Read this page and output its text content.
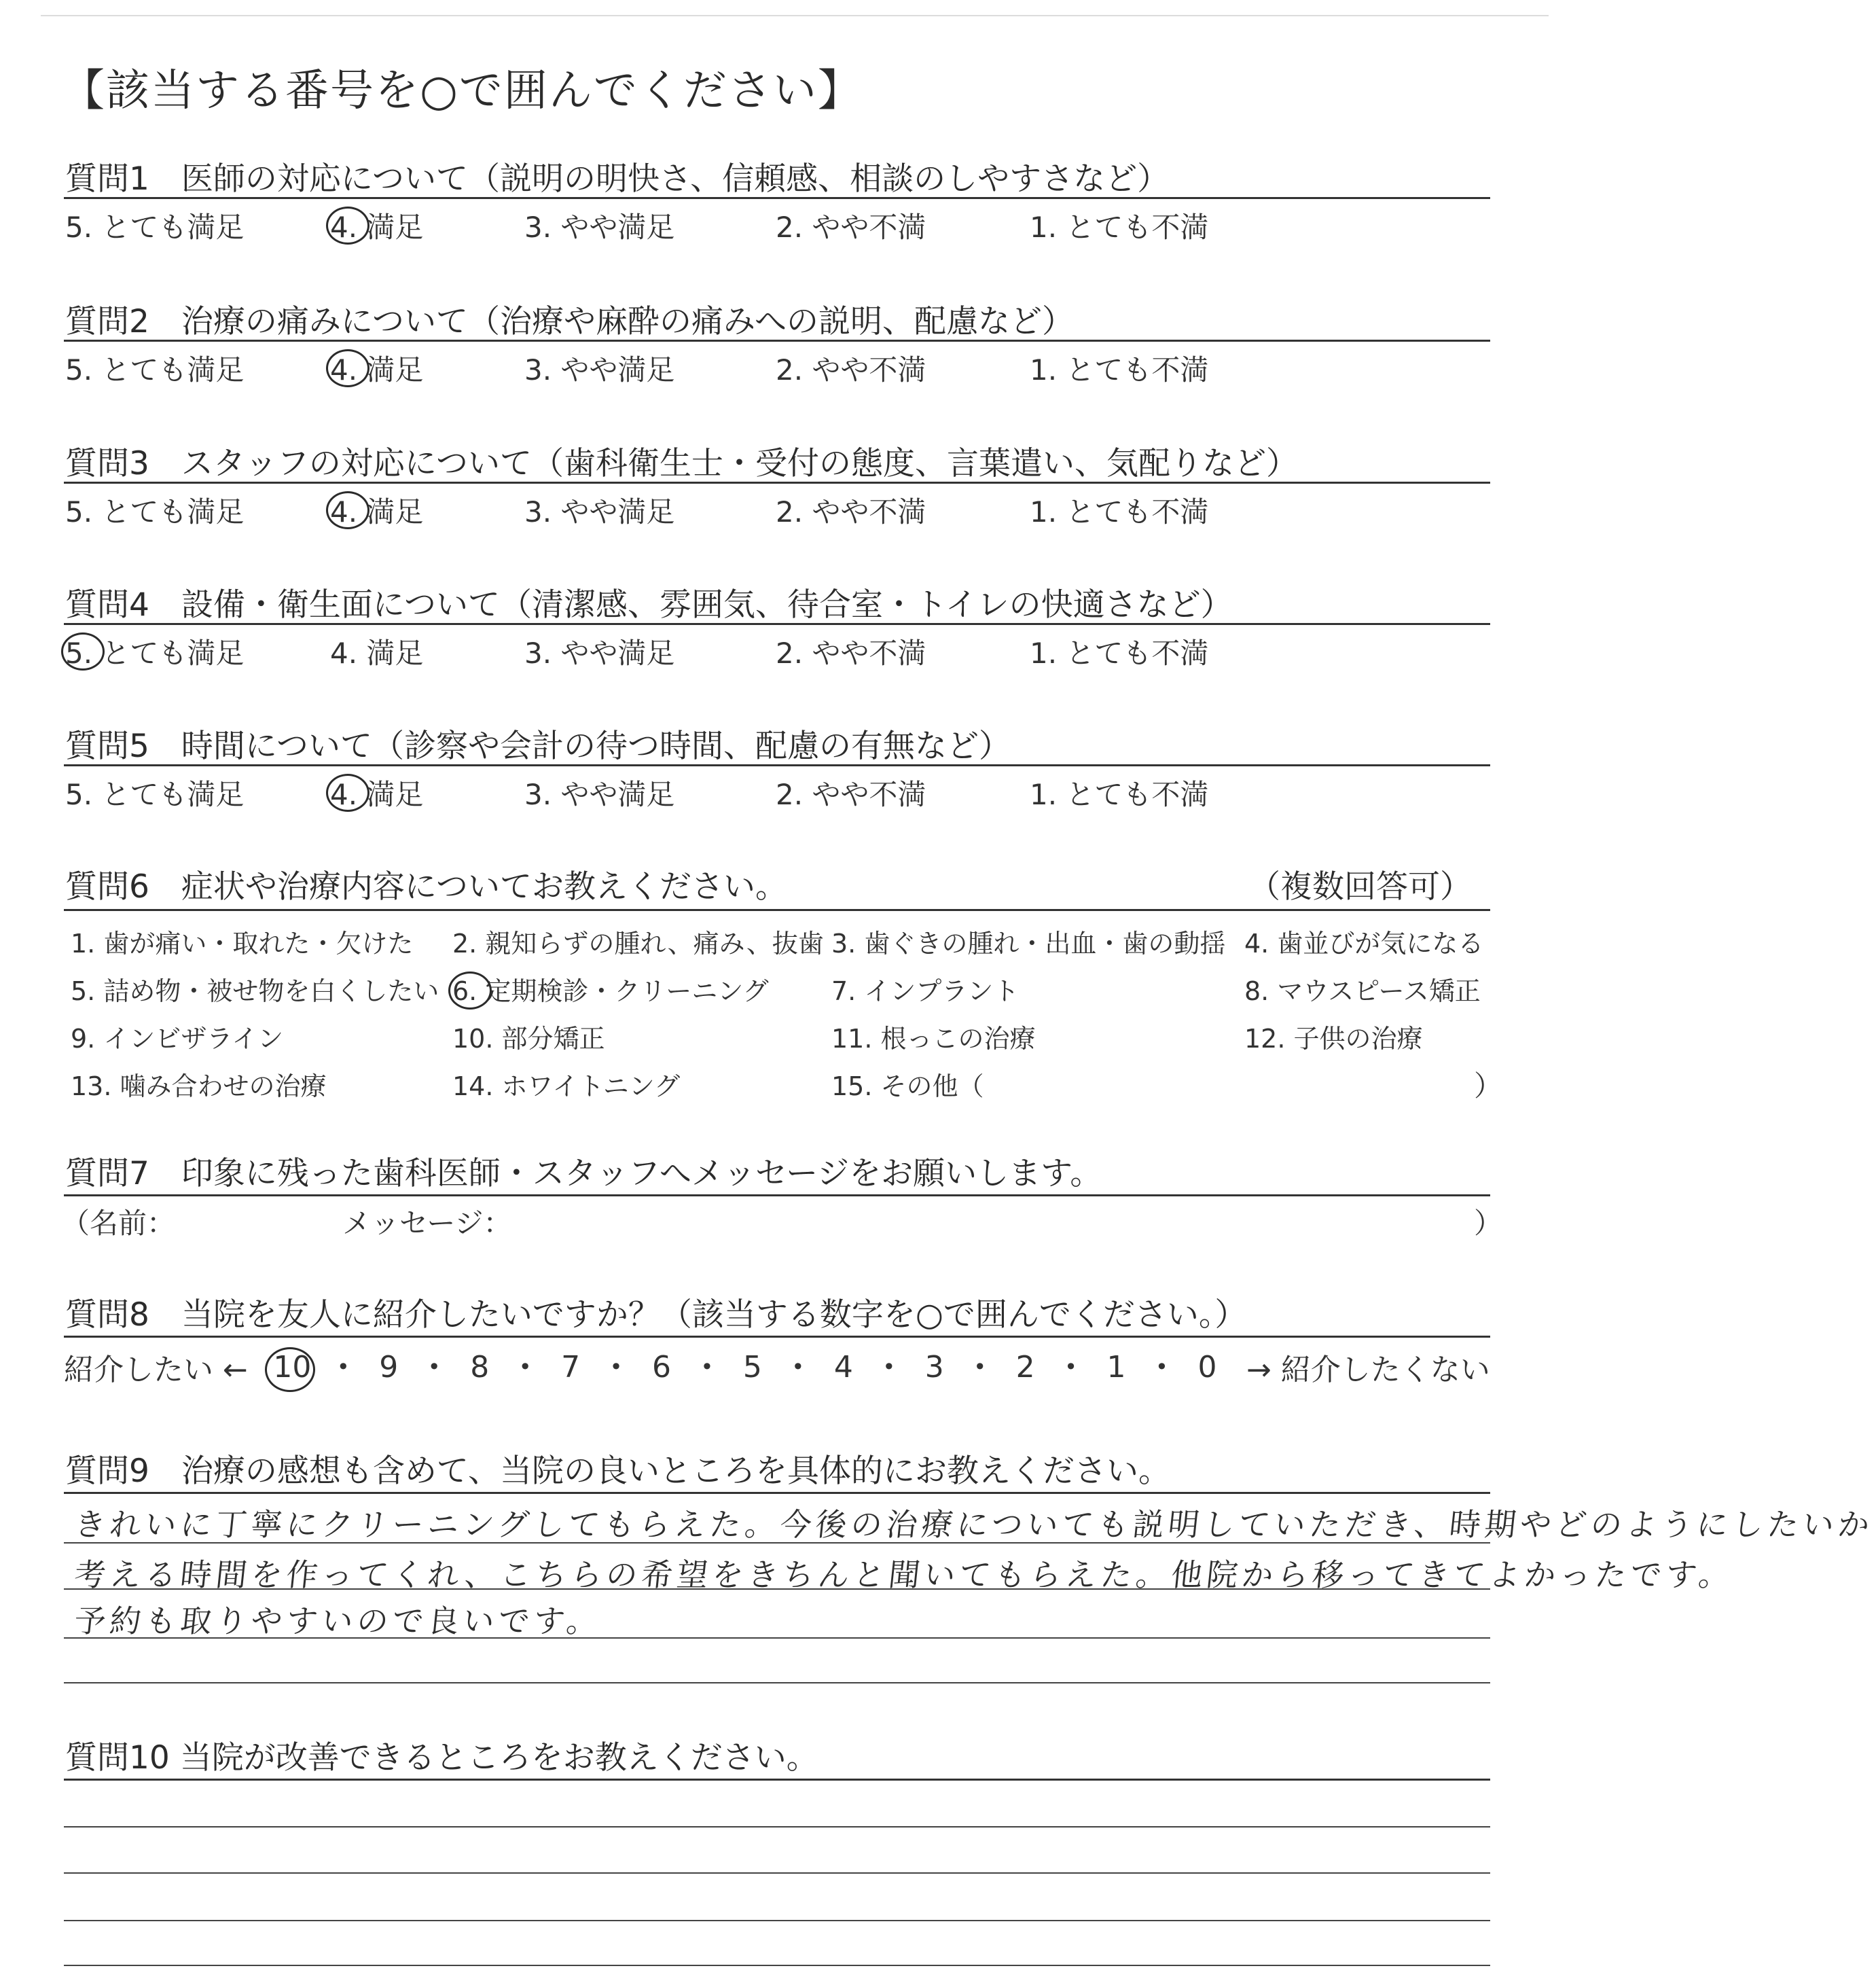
【該当する番号を○で囲んでください】
質問1　医師の対応について（説明の明快さ、信頼感、相談のしやすさなど）
5. とても満足	4. 満足	3. やや満足	2. やや不満	1. とても不満
質問2　治療の痛みについて（治療や麻酔の痛みへの説明、配慮など）
5. とても満足	4. 満足	3. やや満足	2. やや不満	1. とても不満
質問3　スタッフの対応について（歯科衛生士・受付の態度、言葉遣い、気配りなど）
5. とても満足	4. 満足	3. やや満足	2. やや不満	1. とても不満
質問4　設備・衛生面について（清潔感、雰囲気、待合室・トイレの快適さなど）
5. とても満足	4. 満足	3. やや満足	2. やや不満	1. とても不満
質問5　時間について（診察や会計の待つ時間、配慮の有無など）
5. とても満足	4. 満足	3. やや満足	2. やや不満	1. とても不満
質問6　症状や治療内容についてお教えください。	（複数回答可）
1. 歯が痛い・取れた・欠けた 2. 親知らずの腫れ、痛み、抜歯 3. 歯ぐきの腫れ・出血・歯の動揺 4. 歯並びが気になる
5. 詰め物・被せ物を白くしたい 6. 定期検診・クリーニング 7. インプラント	8. マウスピース矯正
9. インビザライン	10. 部分矯正	11. 根っこの治療	12. 子供の治療
13. 噛み合わせの治療	14. ホワイトニング	15. その他（	）
質問7　印象に残った歯科医師・スタッフへメッセージをお願いします。
（名前：	メッセージ：	）
質問8　当院を友人に紹介したいですか？（該当する数字を○で囲んでください。）
紹介したい ← 10 • 9 • 8 • 7 • 6 • 5 • 4 • 3 • 2 • 1 • 0 → 紹介したくない
質問9　治療の感想も含めて、当院の良いところを具体的にお教えください。
きれいに丁寧にクリーニングしてもらえた。今後の治療についても説明していただき、時期やどのようにしたいか
考える時間を作ってくれ、こちらの希望をきちんと聞いてもらえた。他院から移ってきてよかったです。
予約も取りやすいので良いです。
質問10 当院が改善できるところをお教えください。
